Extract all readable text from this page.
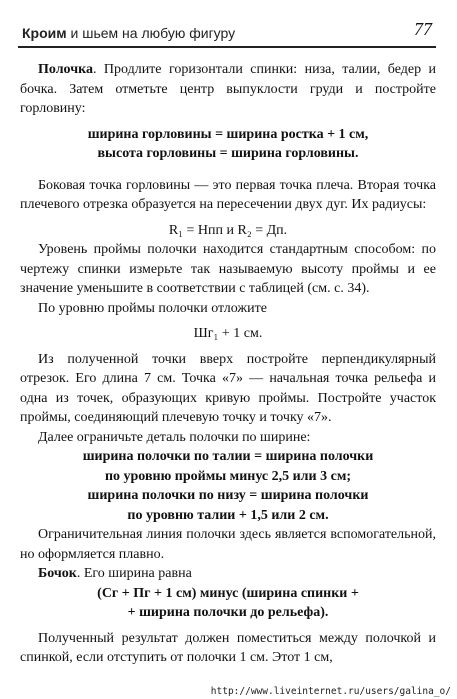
Кроим и шьем на любую фигуру	77

Полочка. Продлите горизонтали спинки: низа, талии, бедер и бочка. Затем отметьте центр выпуклости груди и постройте горловину:

ширина горловины = ширина ростка + 1 см,

высота горловины = ширина горловины.

Боковая точка горловины — это первая точка плеча. Вторая точка плечевого отрезка образуется на пересечении двух дуг. Их радиусы:

R₁ = Нпп и R₂ = Дп.

Уровень проймы полочки находится стандартным способом: по чертежу спинки измерьте так называемую высоту проймы и ее значение уменьшите в соответствии с таблицей (см. с. 34).

По уровню проймы полочки отложите

Шг₁ + 1 см.

Из полученной точки вверх постройте перпендикулярный отрезок. Его длина 7 см. Точка «7» — начальная точка рельефа и одна из точек, образующих кривую проймы. Постройте участок проймы, соединяющий плечевую точку и точку «7».

Далее ограничьте деталь полочки по ширине:

ширина полочки по талии = ширина полочки

по уровню проймы минус 2,5 или 3 см;

ширина полочки по низу = ширина полочки

по уровню талии + 1,5 или 2 см.

Ограничительная линия полочки здесь является вспомогательной, но оформляется плавно.

Бочок. Его ширина равна

(Сг + Пг + 1 см) минус (ширина спинки +

+ ширина полочки до рельефа).

Полученный результат должен поместиться между полочкой и спинкой, если отступить от полочки 1 см. Этот 1 см,

http://www.liveinternet.ru/users/galina_o/
